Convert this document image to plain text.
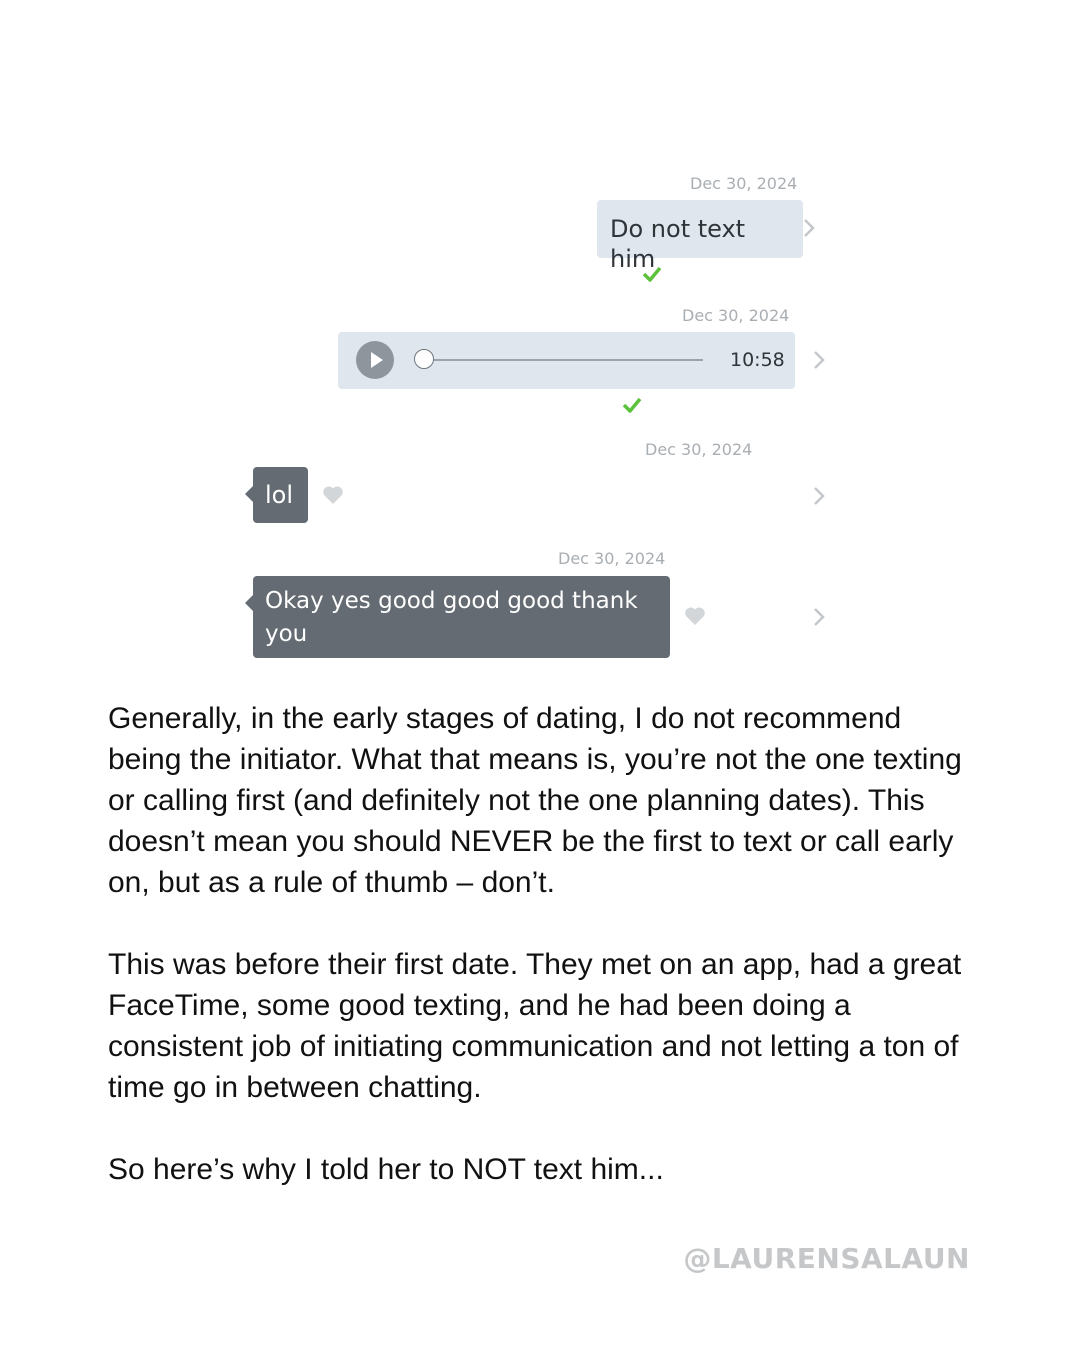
Dec 30, 2024
Do not text him
Dec 30, 2024
10:58
Dec 30, 2024
lol
Dec 30, 2024
Okay yes good good good thank you

Generally, in the early stages of dating, I do not recommend being the initiator. What that means is, you’re not the one texting or calling first (and definitely not the one planning dates). This doesn’t mean you should NEVER be the first to text or call early on, but as a rule of thumb – don’t.

This was before their first date. They met on an app, had a great FaceTime, some good texting, and he had been doing a consistent job of initiating communication and not letting a ton of time go in between chatting.

So here’s why I told her to NOT text him...

@LAURENSALAUN
